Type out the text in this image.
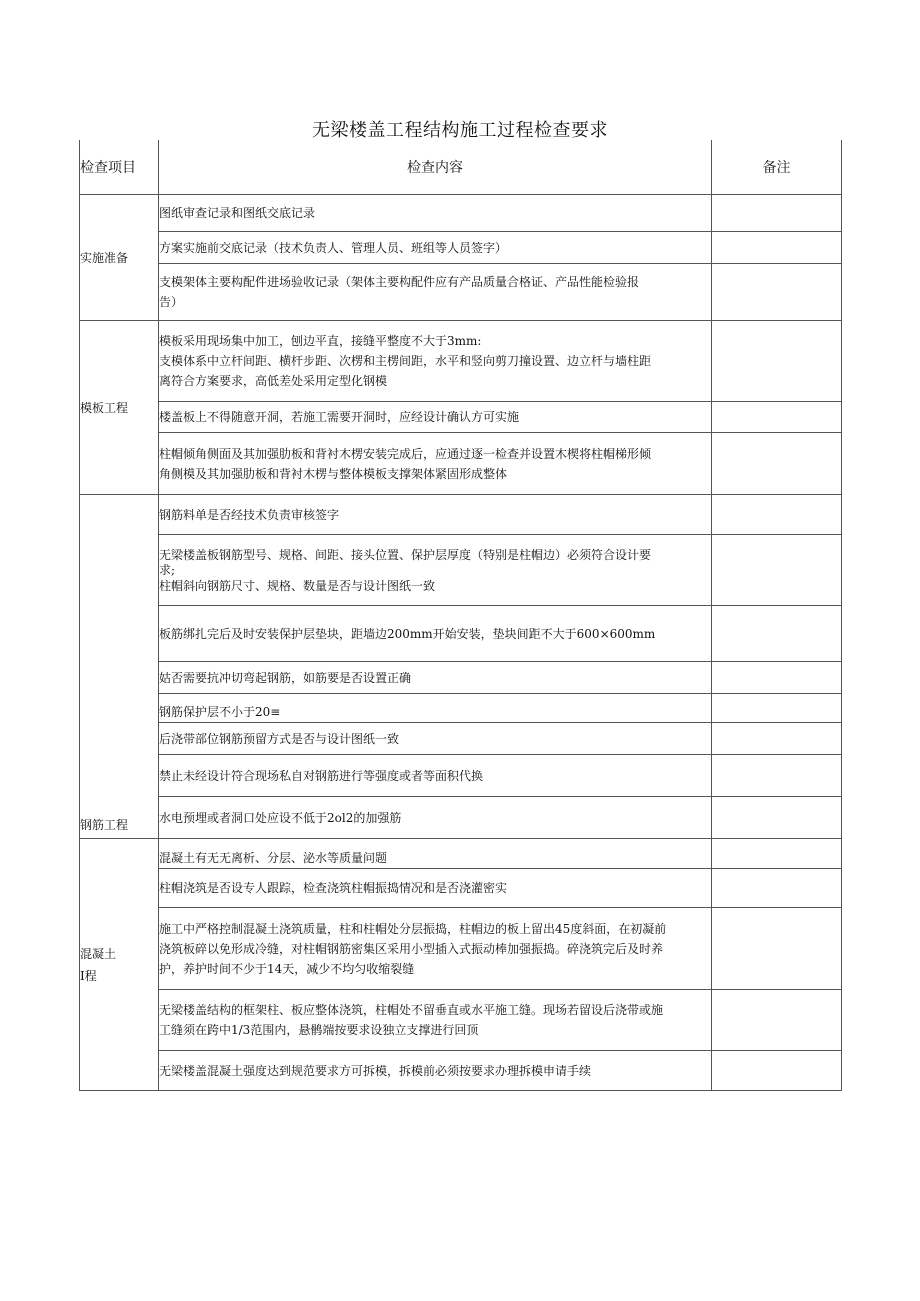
无梁楼盖工程结构施工过程检查要求
检查项目	检查内容	备注
实施准备	图纸审查记录和图纸交底记录	

	方案实施前交底记录（技术负责人、管理人员、班组等人员签字）	

	支模架体主要构配件进场验收记录（架体主要构配件应有产品质量合格证、产品性能检验报
告）	

模板工程	模板采用现场集中加工，刨边平直，接缝平整度不大于3mm:
支模体系中立杆间距、横杆步距、次楞和主楞间距，水平和竖向剪刀撞设置、边立杆与墙柱距
离符合方案要求，高低差处采用定型化钢模	

	楼盖板上不得随意开洞，若施工需要开洞时，应经设计确认方可实施	

	柱帽倾角侧面及其加强肋板和背衬木楞安装完成后，应通过逐一检查并设置木楔将柱帽梯形倾
角侧模及其加强肋板和背衬木楞与整体模板支撑架体紧固形成整体	

钢筋工程	钢筋料单是否经技术负责审核签字	

	无梁楼盖板钢筋型号、规格、间距、接头位置、保护层厚度（特别是柱帽边）必须符合设计要
求;
柱帽斜向钢筋尺寸、规格、数量是否与设计图纸一致	

	板筋绑扎完后及时安装保护层垫块，距墙边200mm开始安装，垫块间距不大于600×600mm	

	姑否需要抗冲切弯起钢筋，如筋要是否设置正确	

	钢筋保护层不小于20≡	

	后浇带部位钢筋预留方式是否与设计图纸一致	

	禁止未经设计符合现场私自对钢筋进行等强度或者等面积代换	

	水电预埋或者洞口处应设不低于2ol2的加强筋	

混凝土
I程	混凝土有无无离析、分层、泌水等质量问题	

	柱帽浇筑是否设专人跟踪，检查浇筑柱帽振捣情况和是否浇灌密实	

	施工中严格控制混凝土浇筑质量，柱和柱帽处分层振捣，柱帽边的板上留出45度斜面，在初凝前
浇筑板碎以免形成冷缝，对柱帽钢筋密集区采用小型插入式振动棒加强振捣。碎浇筑完后及时养
护，养护时间不少于14天，减少不均匀收缩裂缝	

	无梁楼盖结构的框架柱、板应整体浇筑，柱帽处不留垂直或水平施工缝。现场若留设后浇带或施
工缝须在跨中1/3范围内，悬鹘端按要求设独立支撑进行回顶	

	无梁楼盖混凝土强度达到规范要求方可拆模，拆模前必须按要求办理拆模申请手续	
